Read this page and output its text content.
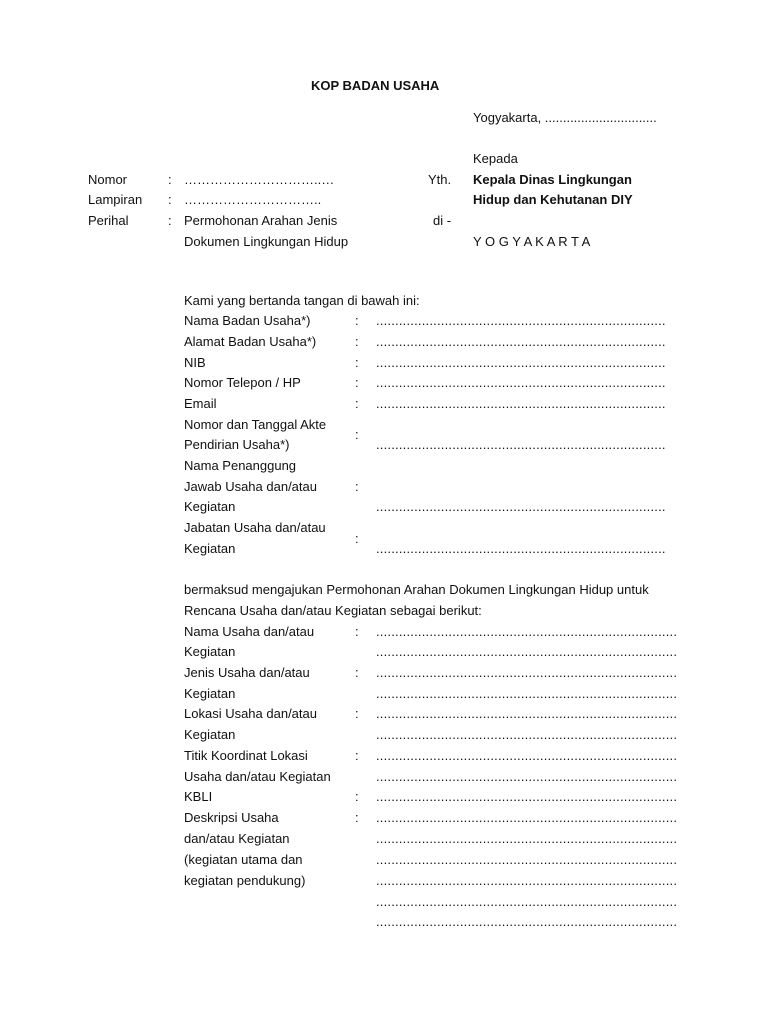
KOP BADAN USAHA
Yogyakarta, ...............................
Kepada
Nomor	: …………………………..…	Yth. Kepala Dinas Lingkungan
Lampiran : …………………………..	Hidup dan Kehutanan DIY
Perihal	: Permohonan Arahan Jenis	di -
Dokumen Lingkungan Hidup	Y O G Y A K A R T A
Kami yang bertanda tangan di bawah ini:
Nama Badan Usaha*)	: ............................................................................
Alamat Badan Usaha*)	: ............................................................................
NIB	: ............................................................................
Nomor Telepon / HP	: ............................................................................
Email	: ............................................................................
Nomor dan Tanggal Akte
:
Pendirian Usaha*)	............................................................................
Nama Penanggung
Jawab Usaha dan/atau	:
Kegiatan	............................................................................
Jabatan Usaha dan/atau
:
Kegiatan	............................................................................
bermaksud mengajukan Permohonan Arahan Dokumen Lingkungan Hidup untuk
Rencana Usaha dan/atau Kegiatan sebagai berikut:
Nama Usaha dan/atau	: ...............................................................................
Kegiatan	...............................................................................
Jenis Usaha dan/atau	: ...............................................................................
Kegiatan	...............................................................................
Lokasi Usaha dan/atau	: ...............................................................................
Kegiatan	...............................................................................
Titik Koordinat Lokasi	: ...............................................................................
Usaha dan/atau Kegiatan	...............................................................................
KBLI	: ...............................................................................
Deskripsi Usaha	: ...............................................................................
dan/atau Kegiatan	...............................................................................
(kegiatan utama dan	...............................................................................
kegiatan pendukung)	...............................................................................
...............................................................................
...............................................................................
